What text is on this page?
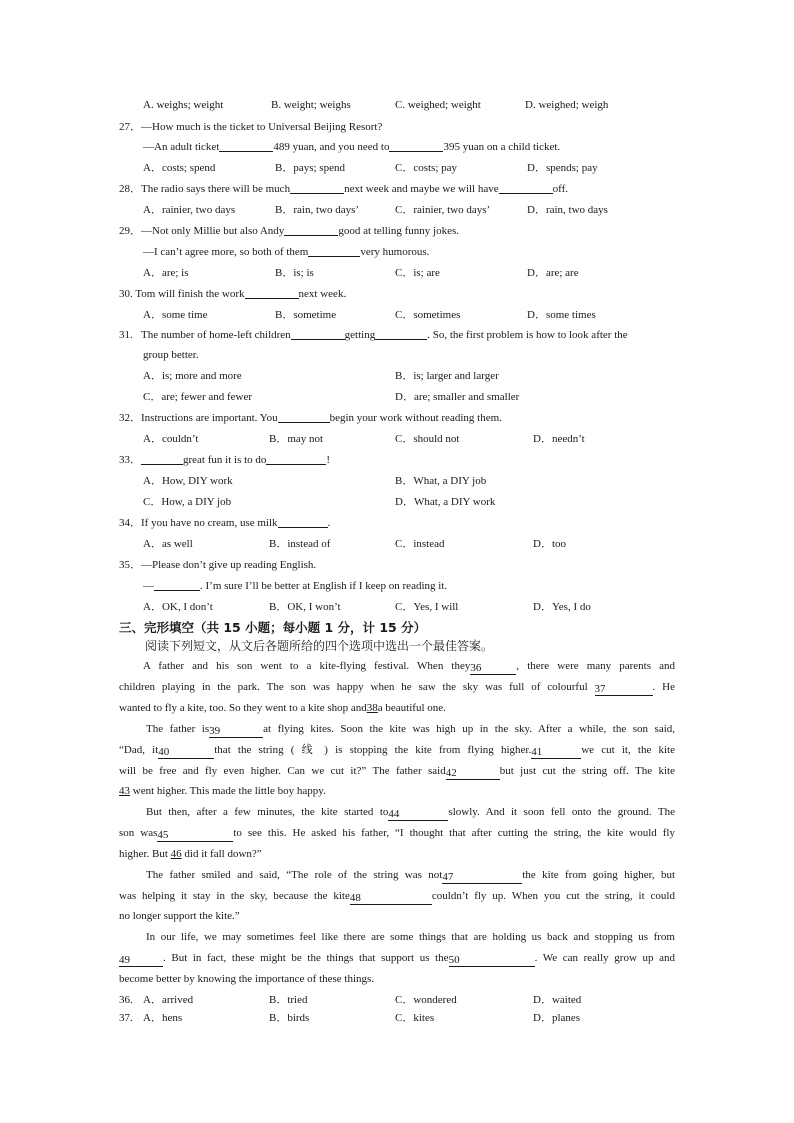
A. weighs; weight	B. weight; weighs	C. weighed; weight	D. weighed; weigh
27．—How much is the ticket to Universal Beijing Resort?
—An adult ticket	489 yuan, and you need to	395 yuan on a child ticket.
A．costs; spend	B．pays; spend	C．costs; pay	D．spends; pay
28．The radio says there will be much	next week and maybe we will have	off.
A．rainier, two days	B．rain, two days’	C．rainier, two days’	D．rain, two days
29．—Not only Millie but also Andy	good at telling funny jokes.
—I can’t agree more, so both of them	very humorous.
A．are; is	B．is; is	C．is; are	D．are; are
30. Tom will finish the work	next week.
A．some time	B．sometime	C．sometimes	D．some times
31. The number of home-left children	getting	. So, the first problem is how to look after the
group better.
A．is; more and more	B．is; larger and larger
C．are; fewer and fewer	D．are; smaller and smaller
32．Instructions are important. You	begin your work without reading them.
A．couldn’t	B．may not	C．should not	D．needn’t
33．	great fun it is to do	!
A．How, DIY work	B．What, a DIY job
C．How, a DIY job	D．What, a DIY work
34．If you have no cream, use milk	.
A．as well	B．instead of	C．instead	D．too
35．—Please don’t give up reading English.
—	. I’m sure I’ll be better at English if I keep on reading it.
A．OK, I don’t	B．OK, I won’t	C．Yes, I will	D．Yes, I do
三、完形填空（共 15 小题；每小题 1 分，计 15 分）
阅读下列短文，从文后各题所给的四个选项中选出一个最佳答案。
A father and his son went to a kite-flying festival. When they36	, there were many parents and
children playing in the park. The son was happy when he saw the sky was full of colourful 37	. He
wanted to fly a kite, too. So they went to a kite shop and38a beautiful one.
The father is39	at flying kites. Soon the kite was high up in the sky. After a while, the son said,
“Dad, it40	that the string ( 线 ) is stopping the kite from flying higher.41	we cut it, the kite
will be free and fly even higher. Can we cut it?” The father said42	but just cut the string off. The kite
43 went higher. This made the little boy happy.
But then, after a few minutes, the kite started to44	slowly. And it soon fell onto the ground. The
son was45	to see this. He asked his father, “I thought that after cutting the string, the kite would fly
higher. But 46 did it fall down?”
The father smiled and said, “The role of the string was not47	the kite from going higher, but
was helping it stay in the sky, because the kite48	couldn’t fly up. When you cut the string, it could
no longer support the kite.”
In our life, we may sometimes feel like there are some things that are holding us back and stopping us from
49	. But in fact, these might be the things that support us the50	. We can really grow up and
become better by knowing the importance of these things.
36. A．arrived	B．tried	C．wondered	D．waited
37. A．hens	B．birds	C．kites	D．planes
